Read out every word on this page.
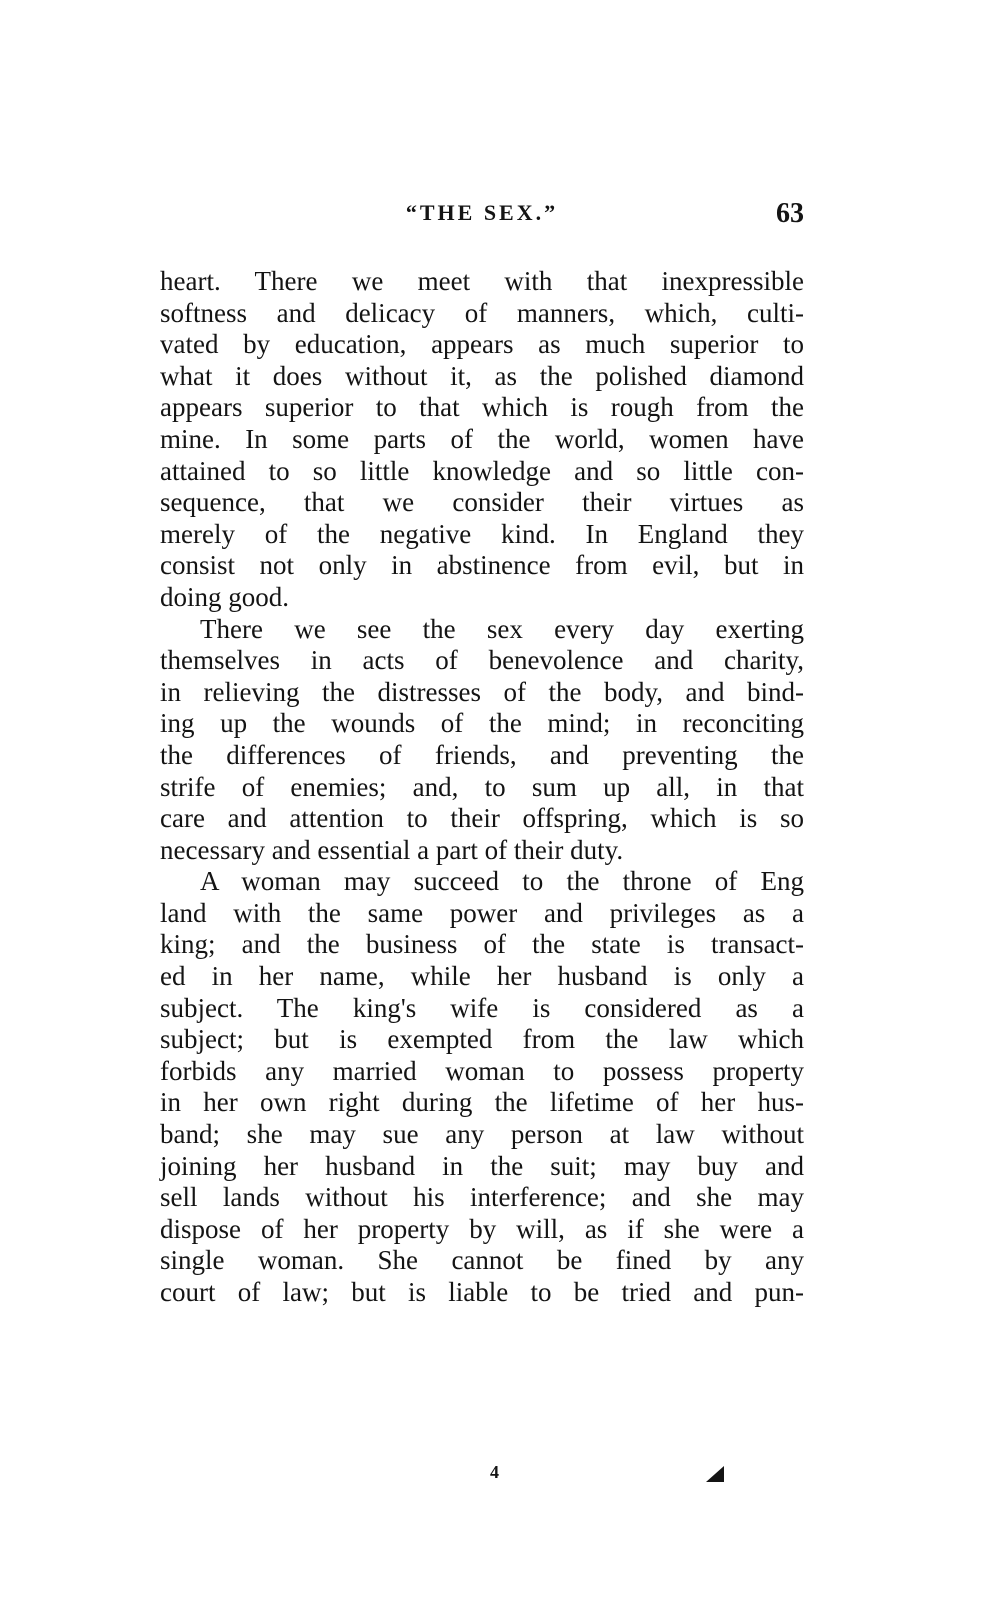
“THE SEX.”	63
heart. There we meet with that inexpressible
softness and delicacy of manners, which, culti-
vated by education, appears as much superior to
what it does without it, as the polished diamond
appears superior to that which is rough from the
mine. In some parts of the world, women have
attained to so little knowledge and so little con-
sequence, that we consider their virtues as
merely of the negative kind. In England they
consist not only in abstinence from evil, but in
doing good.
There we see the sex every day exerting
themselves in acts of benevolence and charity,
in relieving the distresses of the body, and bind-
ing up the wounds of the mind; in reconciting
the differences of friends, and preventing the
strife of enemies; and, to sum up all, in that
care and attention to their offspring, which is so
necessary and essential a part of their duty.
A woman may succeed to the throne of Eng
land with the same power and privileges as a
king; and the business of the state is transact-
ed in her name, while her husband is only a
subject. The king's wife is considered as a
subject; but is exempted from the law which
forbids any married woman to possess property
in her own right during the lifetime of her hus-
band; she may sue any person at law without
joining her husband in the suit; may buy and
sell lands without his interference; and she may
dispose of her property by will, as if she were a
single woman. She cannot be fined by any
court of law; but is liable to be tried and pun-
4
